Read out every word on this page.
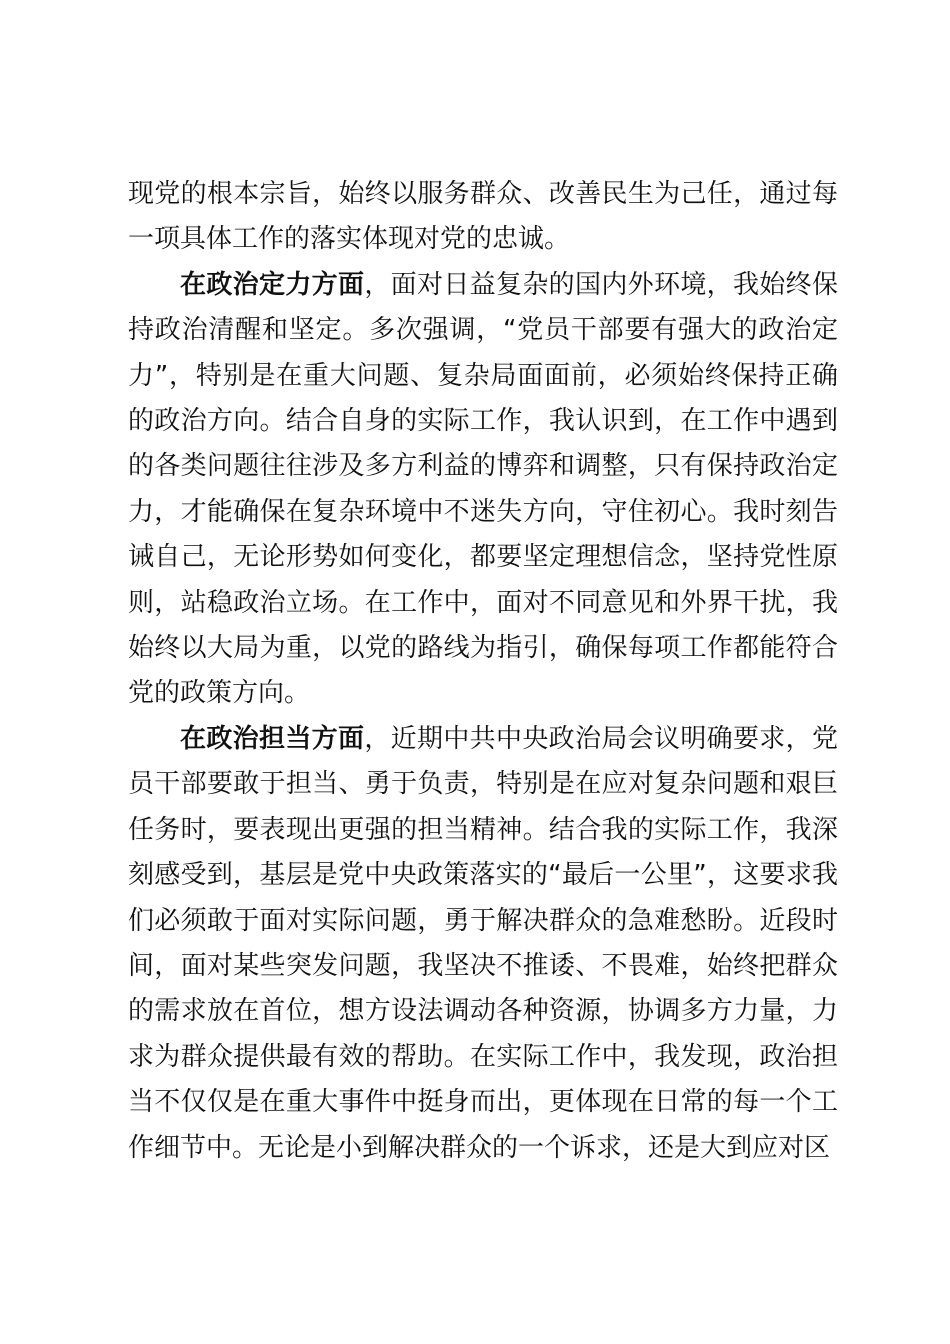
现党的根本宗旨，始终以服务群众、改善民生为己任，通过每一项具体工作的落实体现对党的忠诚。

在政治定力方面，面对日益复杂的国内外环境，我始终保持政治清醒和坚定。多次强调，“党员干部要有强大的政治定力”，特别是在重大问题、复杂局面面前，必须始终保持正确的政治方向。结合自身的实际工作，我认识到，在工作中遇到的各类问题往往涉及多方利益的博弈和调整，只有保持政治定力，才能确保在复杂环境中不迷失方向，守住初心。我时刻告诫自己，无论形势如何变化，都要坚定理想信念，坚持党性原则，站稳政治立场。在工作中，面对不同意见和外界干扰，我始终以大局为重，以党的路线为指引，确保每项工作都能符合党的政策方向。

在政治担当方面，近期中共中央政治局会议明确要求，党员干部要敢于担当、勇于负责，特别是在应对复杂问题和艰巨任务时，要表现出更强的担当精神。结合我的实际工作，我深刻感受到，基层是党中央政策落实的“最后一公里”，这要求我们必须敢于面对实际问题，勇于解决群众的急难愁盼。近段时间，面对某些突发问题，我坚决不推诿、不畏难，始终把群众的需求放在首位，想方设法调动各种资源，协调多方力量，力求为群众提供最有效的帮助。在实际工作中，我发现，政治担当不仅仅是在重大事件中挺身而出，更体现在日常的每一个工作细节中。无论是小到解决群众的一个诉求，还是大到应对区
